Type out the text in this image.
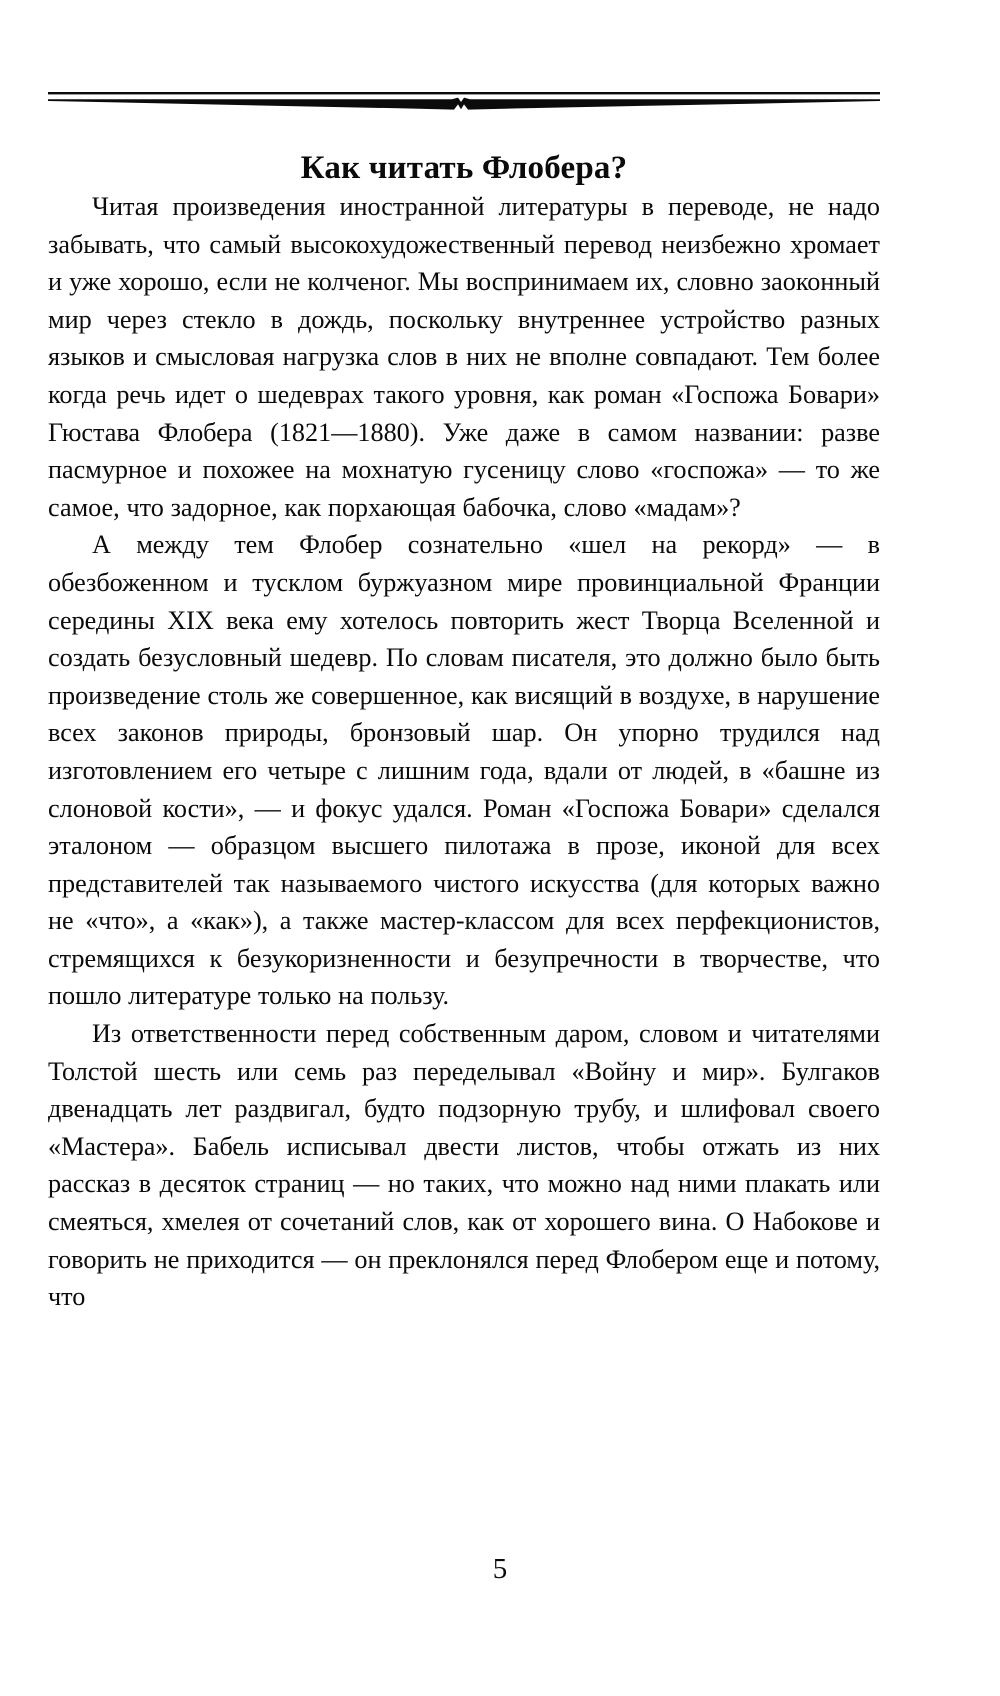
Как читать Флобера?

Читая произведения иностранной литературы в переводе, не надо забывать, что самый высокохудожественный перевод неизбежно хромает и уже хорошо, если не колченог. Мы воспринимаем их, словно заоконный мир через стекло в дождь, поскольку внутреннее устройство разных языков и смысловая нагрузка слов в них не вполне совпадают. Тем более когда речь идет о шедеврах такого уровня, как роман «Госпожа Бовари» Гюстава Флобера (1821—1880). Уже даже в самом названии: разве пасмурное и похожее на мохнатую гусеницу слово «госпожа» — то же самое, что задорное, как порхающая бабочка, слово «мадам»?

А между тем Флобер сознательно «шел на рекорд» — в обезбоженном и тусклом буржуазном мире провинциальной Франции середины XIX века ему хотелось повторить жест Творца Вселенной и создать безусловный шедевр. По словам писателя, это должно было быть произведение столь же совершенное, как висящий в воздухе, в нарушение всех законов природы, бронзовый шар. Он упорно трудился над изготовлением его четыре с лишним года, вдали от людей, в «башне из слоновой кости», — и фокус удался. Роман «Госпожа Бовари» сделался эталоном — образцом высшего пилотажа в прозе, иконой для всех представителей так называемого чистого искусства (для которых важно не «что», а «как»), а также мастер-классом для всех перфекционистов, стремящихся к безукоризненности и безупречности в творчестве, что пошло литературе только на пользу.

Из ответственности перед собственным даром, словом и читателями Толстой шесть или семь раз переделывал «Войну и мир». Булгаков двенадцать лет раздвигал, будто подзорную трубу, и шлифовал своего «Мастера». Бабель исписывал двести листов, чтобы отжать из них рассказ в десяток страниц — но таких, что можно над ними плакать или смеяться, хмелея от сочетаний слов, как от хорошего вина. О Набокове и говорить не приходится — он преклонялся перед Флобером еще и потому, что

5
